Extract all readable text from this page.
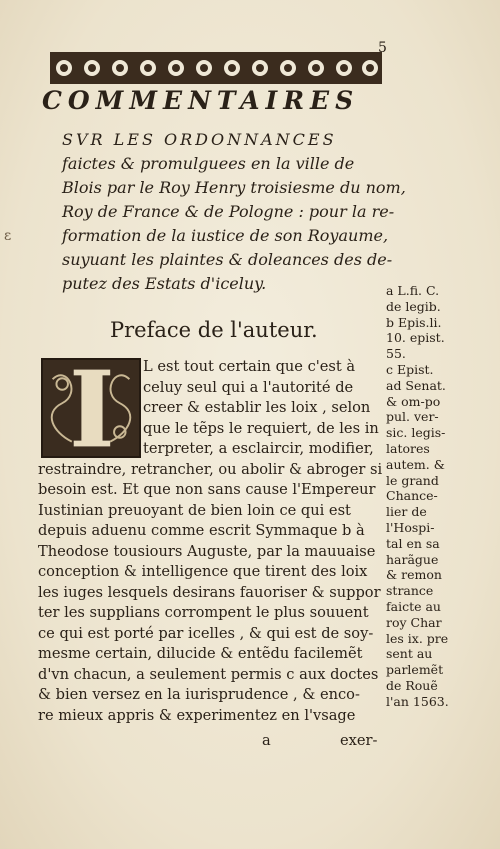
5
COMMENTAIRES
SVR LES ORDONNANCES
faictes & promulguees en la ville de
Blois par le Roy Henry troisiesme du nom,
Roy de France & de Pologne : pour la re-
formation de la iustice de son Royaume,
suyuant les plaintes & doleances des de-
putez des Estats d'iceluy.
ɛ
Preface de l'auteur.
L est tout certain que c'est à
celuy seul qui a l'autorité de
creer & establir les loix , selon
que le tẽps le requiert, de les in
terpreter, a esclaircir, modifier,
restraindre, retrancher, ou abolir & abroger si
besoin est. Et que non sans cause l'Empereur
Iustinian preuoyant de bien loin ce qui est
depuis aduenu comme escrit Symmaque b à
Theodose tousiours Auguste, par la mauuaise
conception & intelligence que tirent des loix
les iuges lesquels desirans fauoriser & suppor
ter les supplians corrompent le plus souuent
ce qui est porté par icelles , & qui est de soy-
mesme certain, dilucide & entẽdu facilemẽt
d'vn chacun, a seulement permis c aux doctes
& bien versez en la iurisprudence , & enco-
re mieux appris & experimentez en l'vsage
a L.fi. C.
de legib.
b Epis.li.
10. epist.
55.
c Epist.
ad Senat.
& om-po
pul. ver-
sic. legis-
latores
autem. &
le grand
Chance-
lier de
l'Hospi-
tal en sa
harãgue
& remon
strance
faicte au
roy Char
les ix. pre
sent au
parlemẽt
de Rouẽ
l'an 1563.
a	exer-
